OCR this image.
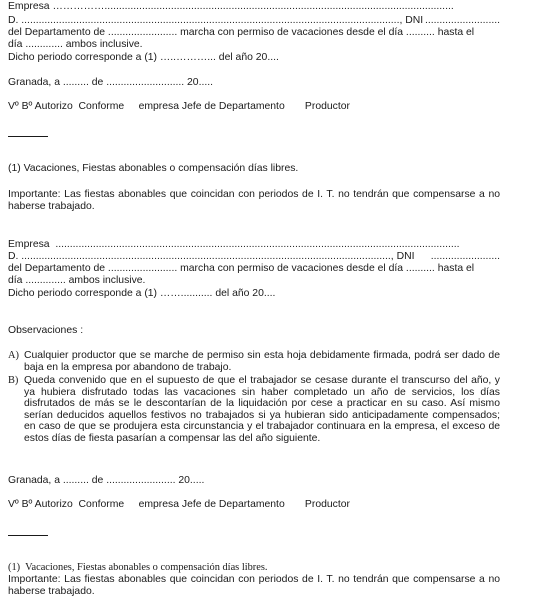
Empresa …………….........................................................................................................................
D. ..................................................................................................................................., DNI ..........................
del Departamento de ........................ marcha con permiso de vacaciones desde el día .......... hasta el
día ............. ambos inclusive.
Dicho periodo corresponde a (1) …..………... del año 20....
Granada, a ......... de ........................... 20.....
Vº Bº Autorizo  Conforme     empresa Jefe de Departamento       Productor
(1) Vacaciones, Fiestas abonables o compensación días libres.
Importante: Las fiestas abonables que coincidan con periodos de I. T. no tendrán que compensarse a no haberse trabajado.
Empresa  ............................................................................................................................................
D. ................................................................................................................................, DNI	........................
del Departamento de ........................ marcha con permiso de vacaciones desde el día .......... hasta el
día .............. ambos inclusive.
Dicho periodo corresponde a (1) ……........... del año 20....
Observaciones :
A) Cualquier productor que se marche de permiso sin esta hoja debidamente firmada, podrá ser dado de baja en la empresa por abandono de trabajo.
B) Queda convenido que en el supuesto de que el trabajador se cesase durante el transcurso del año, y ya hubiera disfrutado todas las vacaciones sin haber completado un año de servicios, los días disfrutados de más se le descontarían de la liquidación por cese a practicar en su caso. Así mismo serían deducidos aquellos festivos no trabajados si ya hubieran sido anticipadamente compensados; en caso de que se produjera esta circunstancia y el trabajador continuara en la empresa, el exceso de estos días de fiesta pasarían a compensar las del año siguiente.
Granada, a ......... de ........................ 20.....
Vº Bº Autorizo  Conforme     empresa Jefe de Departamento       Productor
(1)  Vacaciones, Fiestas abonables o compensación días libres.
Importante: Las fiestas abonables que coincidan con periodos de I. T. no tendrán que compensarse a no haberse trabajado.
